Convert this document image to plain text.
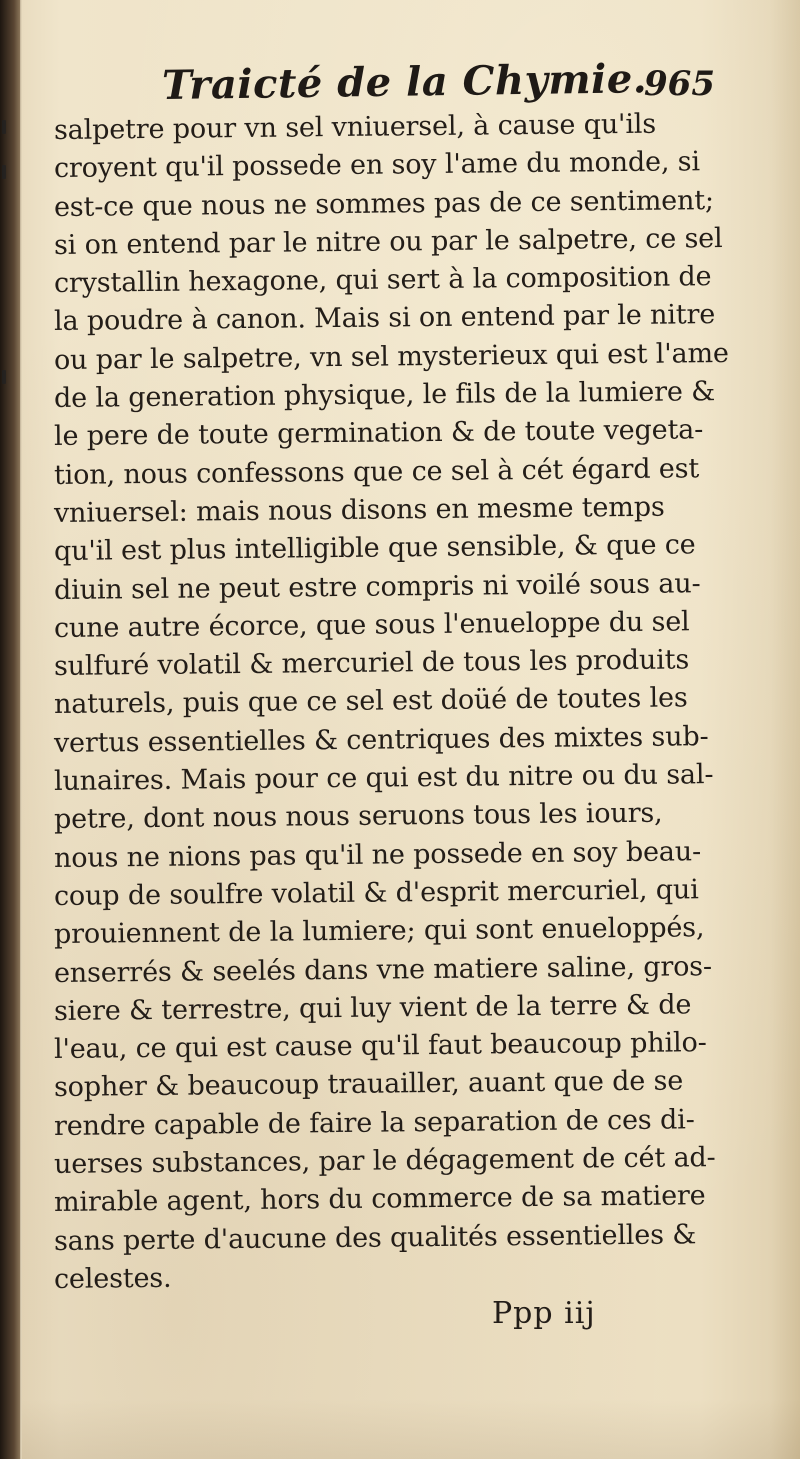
Traicté de la Chymie.
965
salpetre pour vn sel vniuersel, à cause qu'ils
croyent qu'il possede en soy l'ame du monde, si
est-ce que nous ne sommes pas de ce sentiment;
si on entend par le nitre ou par le salpetre, ce sel
crystallin hexagone, qui sert à la composition de
la poudre à canon. Mais si on entend par le nitre
ou par le salpetre, vn sel mysterieux qui est l'ame
de la generation physique, le fils de la lumiere &
le pere de toute germination & de toute vegeta-
tion, nous confessons que ce sel à cét égard est
vniuersel: mais nous disons en mesme temps
qu'il est plus intelligible que sensible, & que ce
diuin sel ne peut estre compris ni voilé sous au-
cune autre écorce, que sous l'enueloppe du sel
sulfuré volatil & mercuriel de tous les produits
naturels, puis que ce sel est doüé de toutes les
vertus essentielles & centriques des mixtes sub-
lunaires. Mais pour ce qui est du nitre ou du sal-
petre, dont nous nous seruons tous les iours,
nous ne nions pas qu'il ne possede en soy beau-
coup de soulfre volatil & d'esprit mercuriel, qui
prouiennent de la lumiere; qui sont enueloppés,
enserrés & seelés dans vne matiere saline, gros-
siere & terrestre, qui luy vient de la terre & de
l'eau, ce qui est cause qu'il faut beaucoup philo-
sopher & beaucoup trauailler, auant que de se
rendre capable de faire la separation de ces di-
uerses substances, par le dégagement de cét ad-
mirable agent, hors du commerce de sa matiere
sans perte d'aucune des qualités essentielles &
celestes.
Ppp iij
